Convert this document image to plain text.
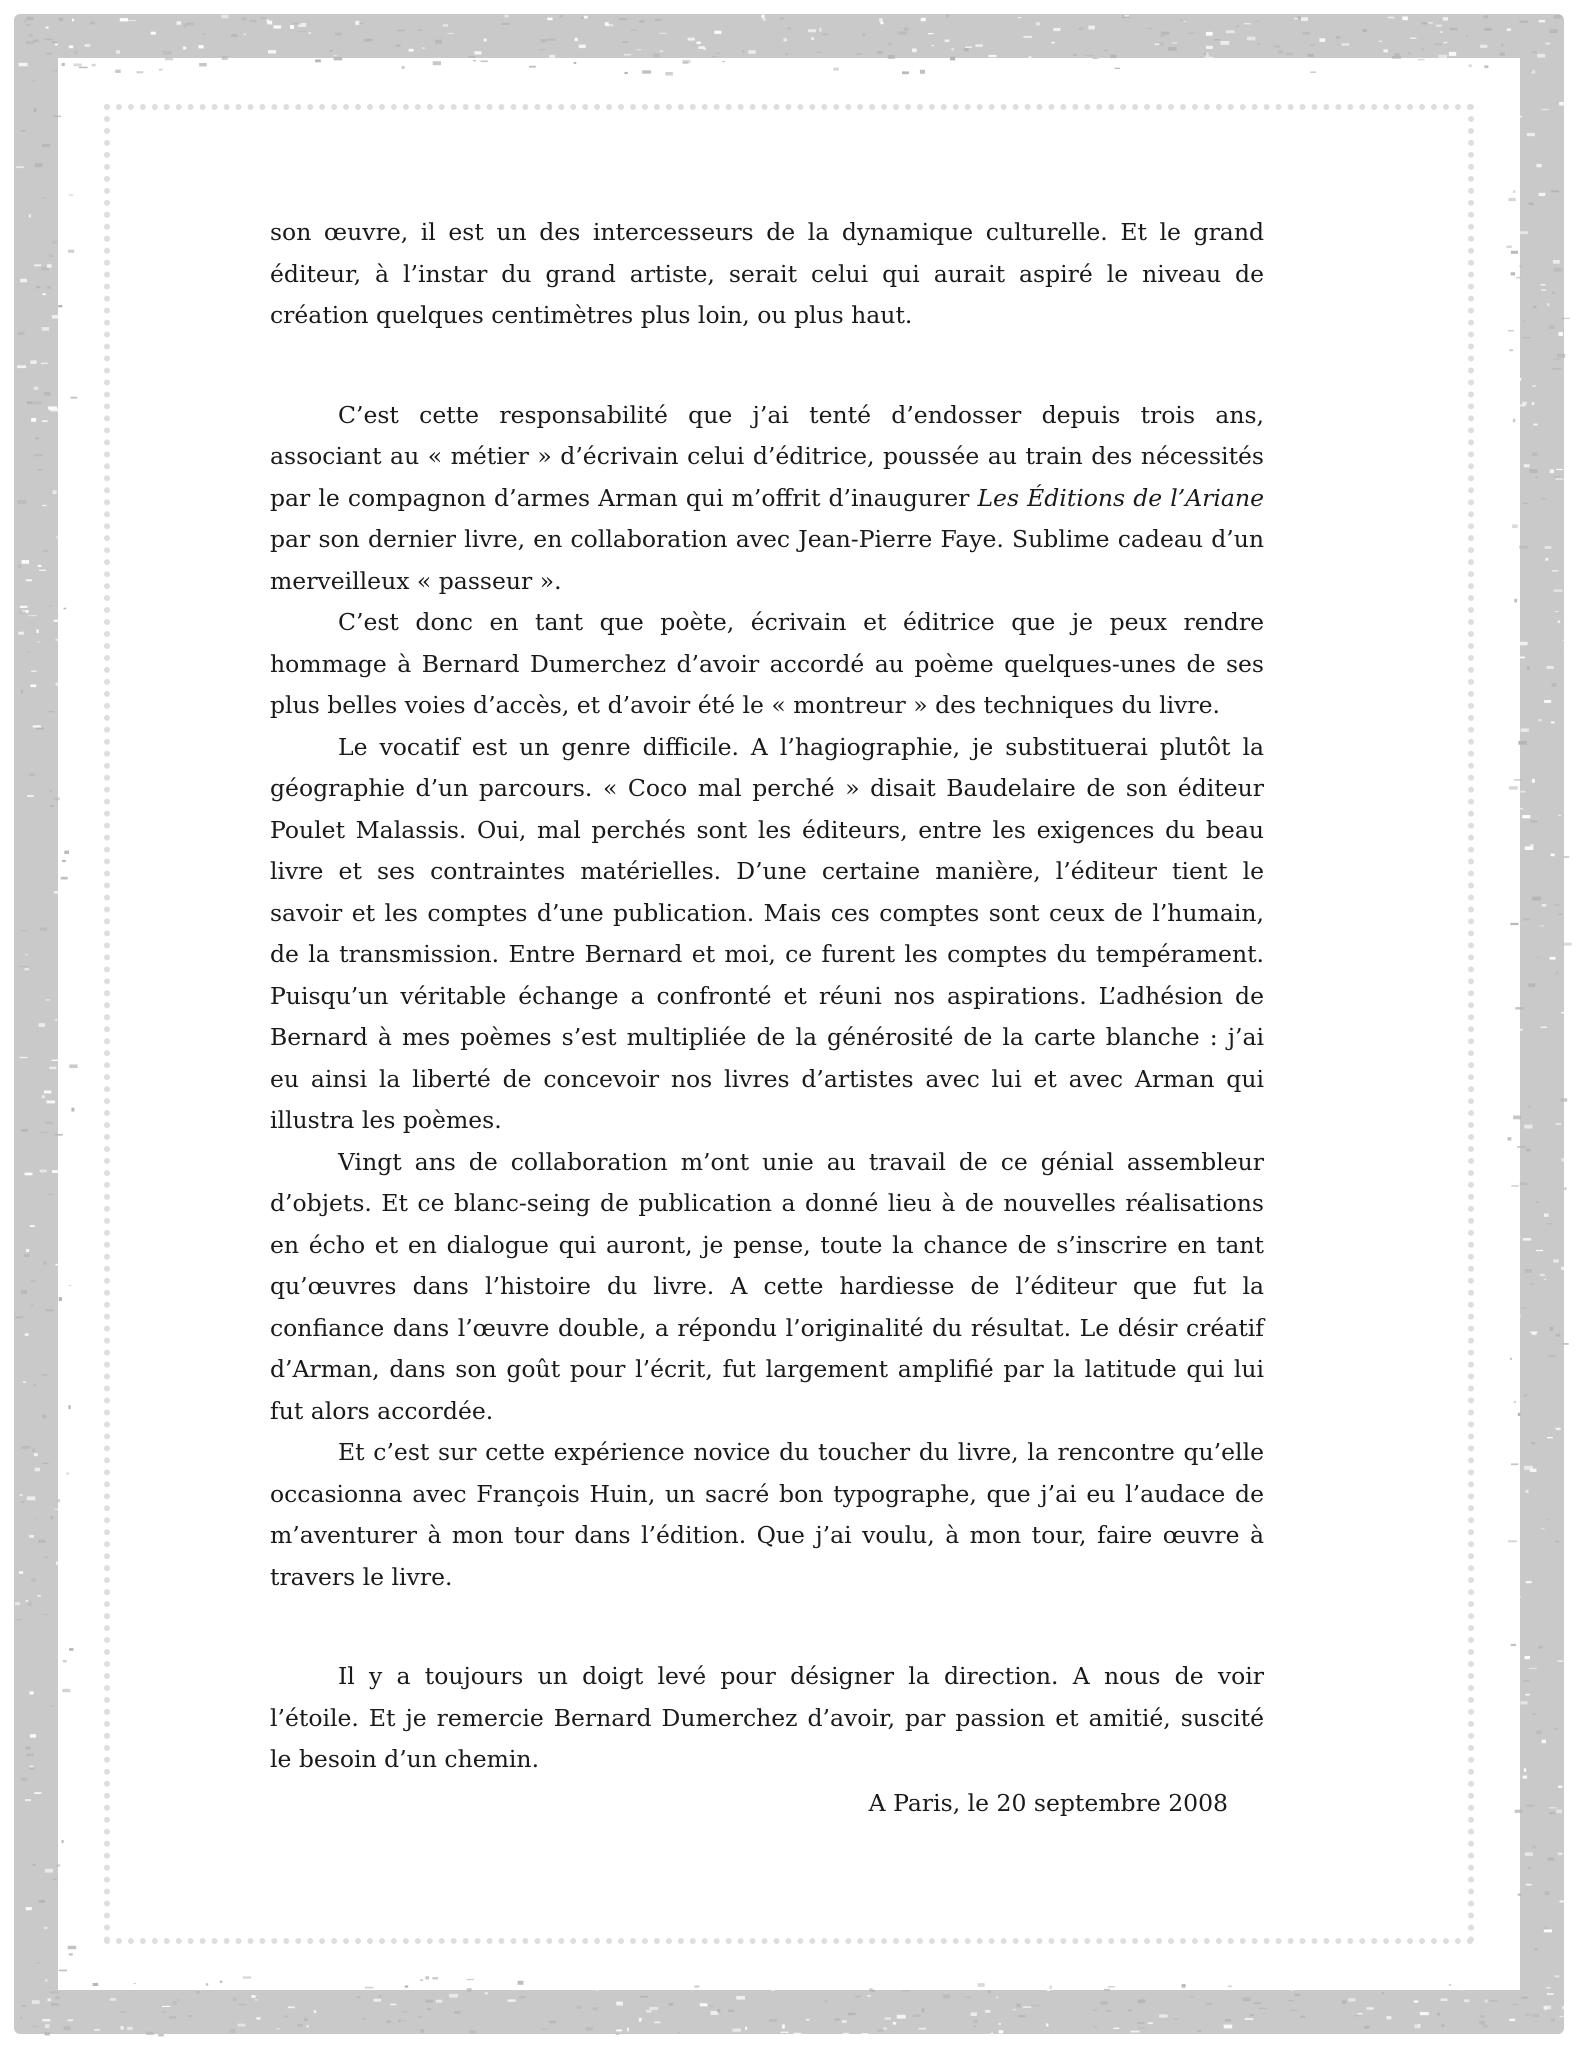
son œuvre, il est un des intercesseurs de la dynamique culturelle. Et le grand éditeur, à l’instar du grand artiste, serait celui qui aurait aspiré le niveau de création quelques centimètres plus loin, ou plus haut.

C’est cette responsabilité que j’ai tenté d’endosser depuis trois ans, associant au « métier » d’écrivain celui d’éditrice, poussée au train des nécessités par le compagnon d’armes Arman qui m’offrit d’inaugurer Les Éditions de l’Ariane par son dernier livre, en collaboration avec Jean-Pierre Faye. Sublime cadeau d’un merveilleux « passeur ».

C’est donc en tant que poète, écrivain et éditrice que je peux rendre hommage à Bernard Dumerchez d’avoir accordé au poème quelques-unes de ses plus belles voies d’accès, et d’avoir été le « montreur » des techniques du livre.

Le vocatif est un genre difficile. A l’hagiographie, je substituerai plutôt la géographie d’un parcours. « Coco mal perché » disait Baudelaire de son éditeur Poulet Malassis. Oui, mal perchés sont les éditeurs, entre les exigences du beau livre et ses contraintes matérielles. D’une certaine manière, l’éditeur tient le savoir et les comptes d’une publication. Mais ces comptes sont ceux de l’humain, de la transmission. Entre Bernard et moi, ce furent les comptes du tempérament. Puisqu’un véritable échange a confronté et réuni nos aspirations. L’adhésion de Bernard à mes poèmes s’est multipliée de la générosité de la carte blanche : j’ai eu ainsi la liberté de concevoir nos livres d’artistes avec lui et avec Arman qui illustra les poèmes.

Vingt ans de collaboration m’ont unie au travail de ce génial assembleur d’objets. Et ce blanc-seing de publication a donné lieu à de nouvelles réalisations en écho et en dialogue qui auront, je pense, toute la chance de s’inscrire en tant qu’œuvres dans l’histoire du livre. A cette hardiesse de l’éditeur que fut la confiance dans l’œuvre double, a répondu l’originalité du résultat. Le désir créatif d’Arman, dans son goût pour l’écrit, fut largement amplifié par la latitude qui lui fut alors accordée.

Et c’est sur cette expérience novice du toucher du livre, la rencontre qu’elle occasionna avec François Huin, un sacré bon typographe, que j’ai eu l’audace de m’aventurer à mon tour dans l’édition. Que j’ai voulu, à mon tour, faire œuvre à travers le livre.

Il y a toujours un doigt levé pour désigner la direction. A nous de voir l’étoile. Et je remercie Bernard Dumerchez d’avoir, par passion et amitié, suscité le besoin d’un chemin.

A Paris, le 20 septembre 2008
